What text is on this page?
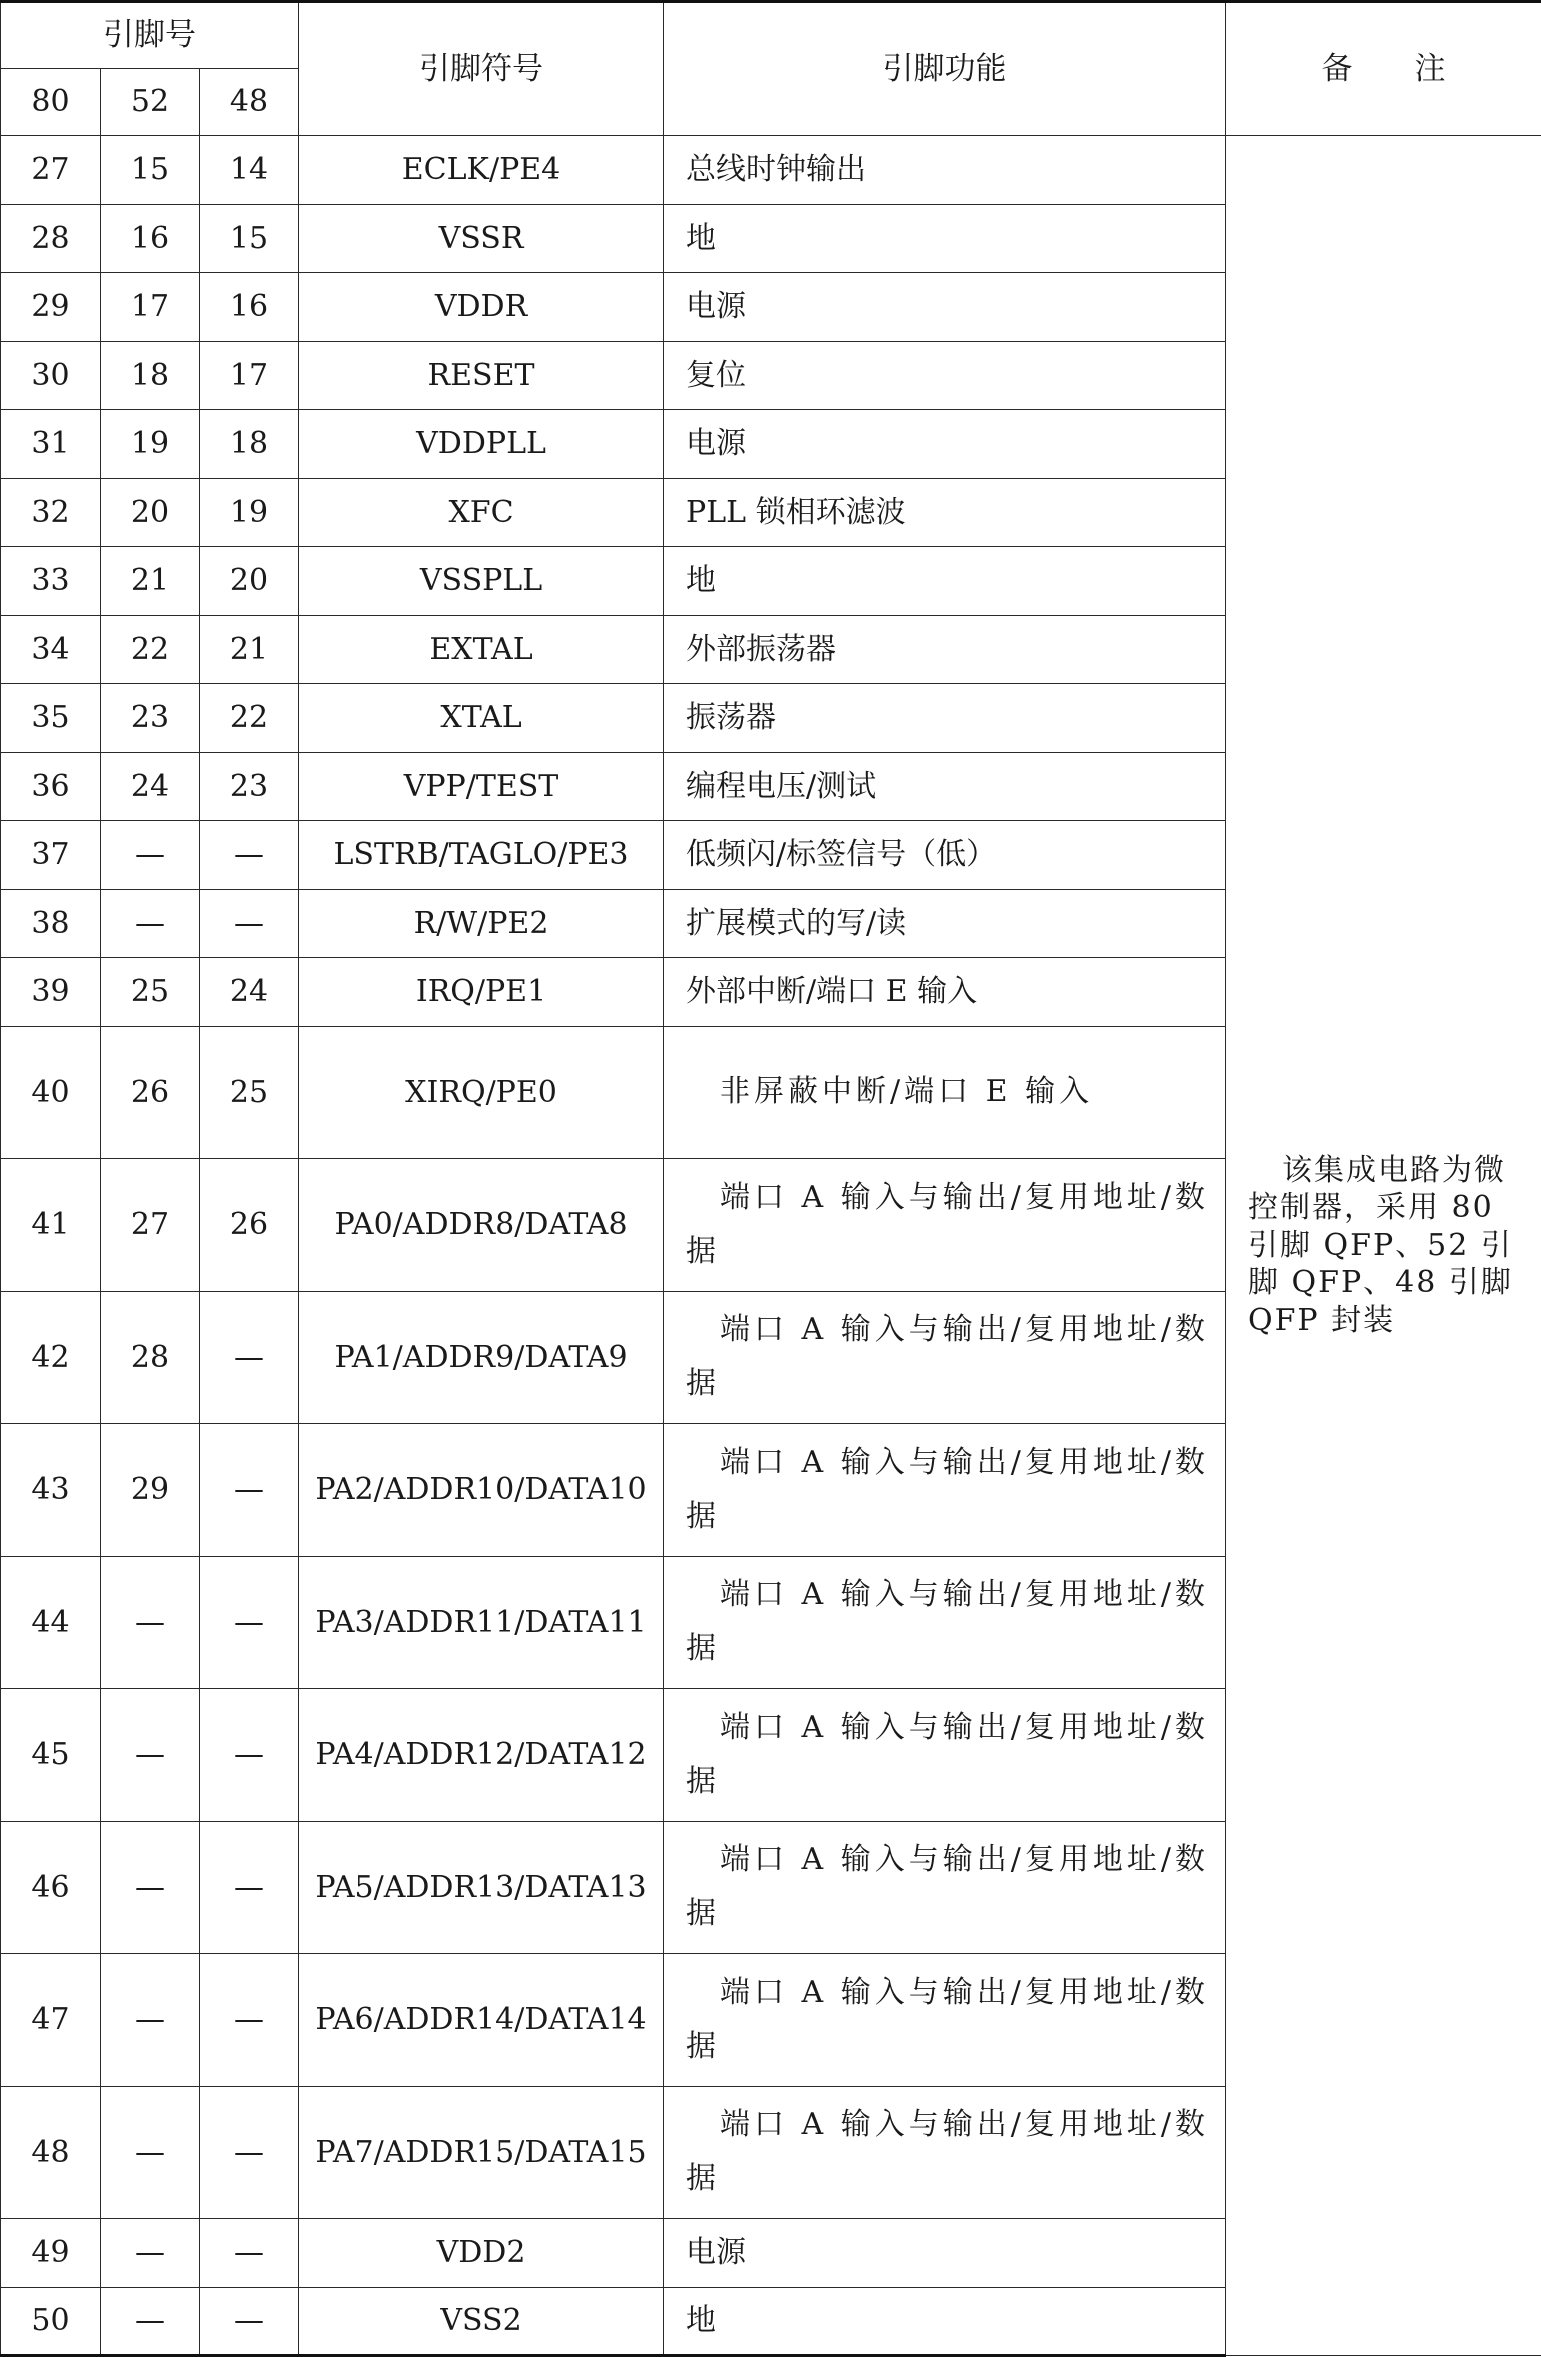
引脚号			引脚符号	引脚功能	备　　注
80	52	48			
27	15	14	ECLK/PE4	总线时钟输出	该集成电路为微控制器，采用 80 引脚 QFP、52 引脚 QFP、48 引脚 QFP 封装

28	16	15	VSSR	地	
29	17	16	VDDR	电源	
30	18	17	RESET	复位	
31	19	18	VDDPLL	电源	
32	20	19	XFC	PLL 锁相环滤波	
33	21	20	VSSPLL	地	
34	22	21	EXTAL	外部振荡器	
35	23	22	XTAL	振荡器	
36	24	23	VPP/TEST	编程电压/测试	
37	—	—	LSTRB/TAGLO/PE3	低频闪/标签信号（低）	
38	—	—	R/W/PE2	扩展模式的写/读	
39	25	24	IRQ/PE1	外部中断/端口 E 输入	
40	26	25	XIRQ/PE0	非屏蔽中断/端口 E 输入	
41	27	26	PA0/ADDR8/DATA8	端口 A 输入与输出/复用地址/数据	
42	28	—	PA1/ADDR9/DATA9	端口 A 输入与输出/复用地址/数据	
43	29	—	PA2/ADDR10/DATA10	端口 A 输入与输出/复用地址/数据	
44	—	—	PA3/ADDR11/DATA11	端口 A 输入与输出/复用地址/数据	
45	—	—	PA4/ADDR12/DATA12	端口 A 输入与输出/复用地址/数据	
46	—	—	PA5/ADDR13/DATA13	端口 A 输入与输出/复用地址/数据	
47	—	—	PA6/ADDR14/DATA14	端口 A 输入与输出/复用地址/数据	
48	—	—	PA7/ADDR15/DATA15	端口 A 输入与输出/复用地址/数据	
49	—	—	VDD2	电源	
50	—	—	VSS2	地	
